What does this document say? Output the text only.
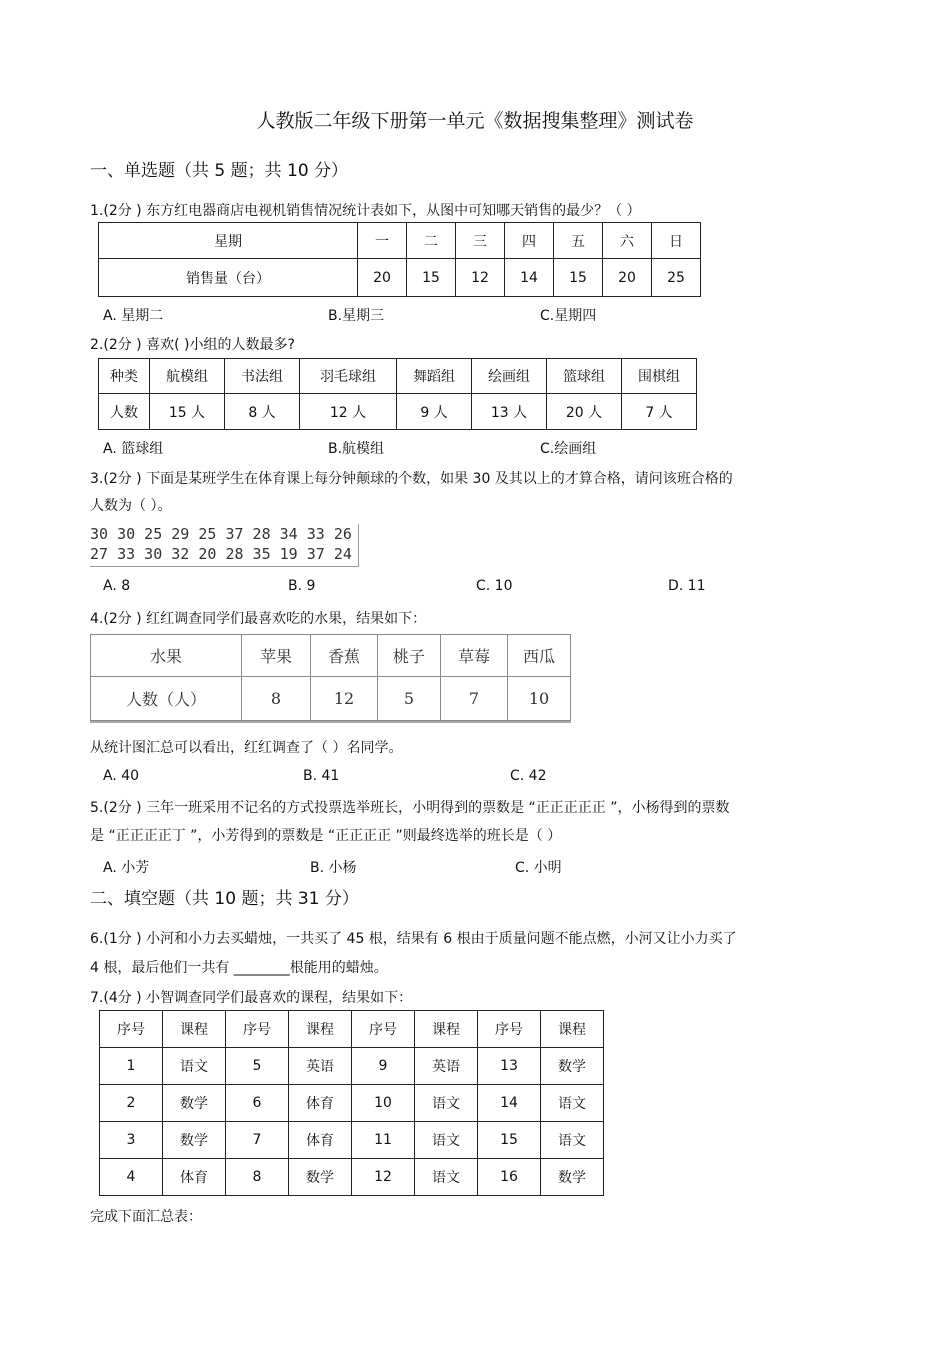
人教版二年级下册第一单元《数据搜集整理》测试卷
一、单选题（共 5 题；共 10 分）
1.(2分 ) 东方红电器商店电视机销售情况统计表如下，从图中可知哪天销售的最少？（ ）
星期	一	二	三	四	五	六	日
销售量（台）	20	15	12	14	15	20	25
A. 星期二	B.星期三	C.星期四
2.(2分 ) 喜欢( )小组的人数最多?
种类	航模组	书法组	羽毛球组	舞蹈组	绘画组	篮球组	围棋组
人数	15 人	8 人	12 人	9 人	13 人	20 人	7 人
A. 篮球组	B.航模组	C.绘画组
3.(2分 ) 下面是某班学生在体育课上每分钟颠球的个数，如果 30 及其以上的才算合格，请问该班合格的
人数为（ ）。
30 30 25 29 25 37 28 34 33 26
27 33 30 32 20 28 35 19 37 24
A. 8	B. 9	C. 10	D. 11
4.(2分 ) 红红调查同学们最喜欢吃的水果，结果如下：
水果	苹果	香蕉	桃子	草莓	西瓜
人数（人）	8	12	5	7	10
从统计图汇总可以看出，红红调查了（ ）名同学。
A. 40	B. 41	C. 42
5.(2分 ) 三年一班采用不记名的方式投票选举班长，小明得到的票数是 “正正正正正 ”，小杨得到的票数
是 “正正正正丁 ”，小芳得到的票数是 “正正正正 ”则最终选举的班长是（ ）
A. 小芳	B. 小杨	C. 小明
二、填空题（共 10 题；共 31 分）
6.(1分 ) 小河和小力去买蜡烛，一共买了 45 根，结果有 6 根由于质量问题不能点燃，小河又让小力买了
4 根，最后他们一共有 ________根能用的蜡烛。
7.(4分 ) 小智调查同学们最喜欢的课程，结果如下：
序号	课程	序号	课程	序号	课程	序号	课程
1	语文	5	英语	9	英语	13	数学
2	数学	6	体育	10	语文	14	语文
3	数学	7	体育	11	语文	15	语文
4	体育	8	数学	12	语文	16	数学
完成下面汇总表：
